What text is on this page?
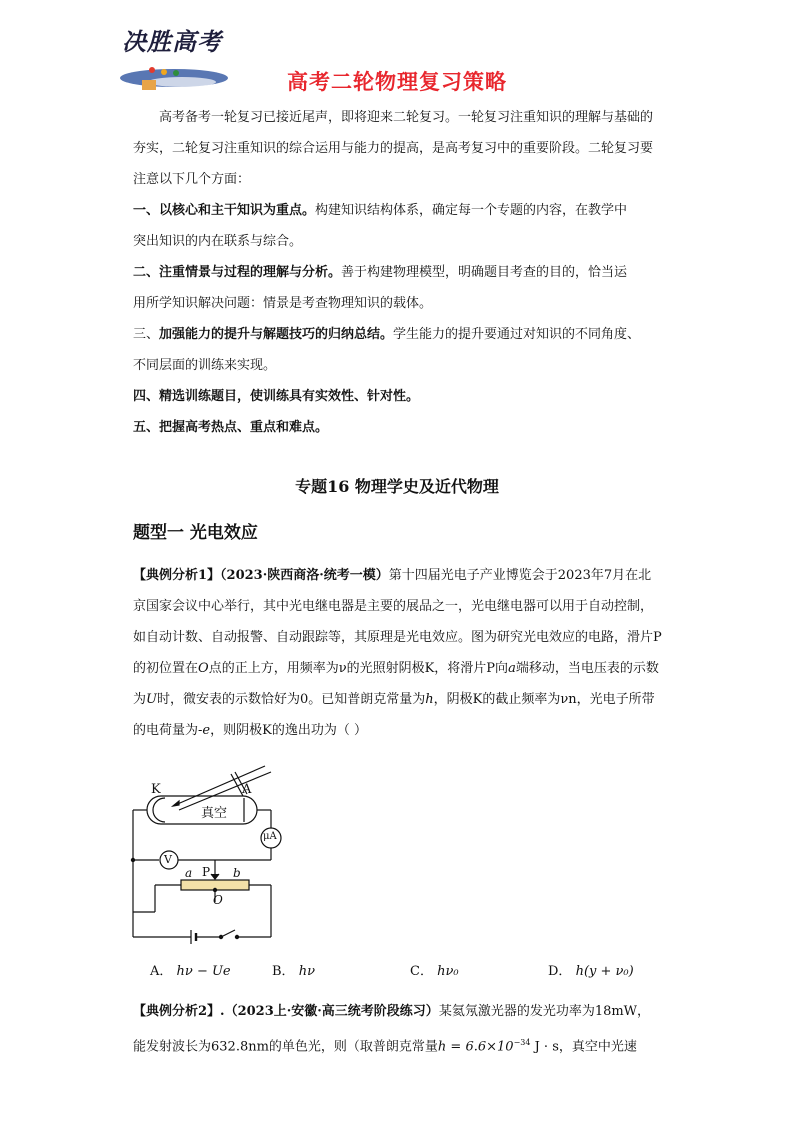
决胜高考
高考二轮物理复习策略
高考备考一轮复习已接近尾声，即将迎来二轮复习。一轮复习注重知识的理解与基础的夯实，二轮复习注重知识的综合运用与能力的提高，是高考复习中的重要阶段。二轮复习要注意以下几个方面：
一、以核心和主干知识为重点。构建知识结构体系，确定每一个专题的内容，在教学中
突出知识的内在联系与综合。
二、注重情景与过程的理解与分析。善于构建物理模型，明确题目考查的目的，恰当运
用所学知识解决问题：情景是考查物理知识的载体。
三、加强能力的提升与解题技巧的归纳总结。学生能力的提升要通过对知识的不同角度、
不同层面的训练来实现。
四、精选训练题目，使训练具有实效性、针对性。
五、把握高考热点、重点和难点。
专题16 物理学史及近代物理
题型一 光电效应
【典例分析1】（2023·陕西商洛·统考一模）第十四届光电子产业博览会于2023年7月在北京国家会议中心举行，其中光电继电器是主要的展品之一，光电继电器可以用于自动控制，如自动计数、自动报警、自动跟踪等，其原理是光电效应。图为研究光电效应的电路，滑片P的初位置在O点的正上方，用频率为ν的光照射阴极K，将滑片P向a端移动，当电压表的示数为U时，微安表的示数恰好为0。已知普朗克常量为h，阴极K的截止频率为νn，光电子所带的电荷量为-e，则阴极K的逸出功为（ ）
K	A
真空
μA
V
P
a	b
O
A． hν − Ue	B． hν	C． hν₀	D． h(y + ν₀)
【典例分析2】.（2023上·安徽·高三统考阶段练习）某氦氖激光器的发光功率为18mW，
能发射波长为632.8nm的单色光，则（取普朗克常量$h = 6.6\times 10^{-34}$ J · s，真空中光速
